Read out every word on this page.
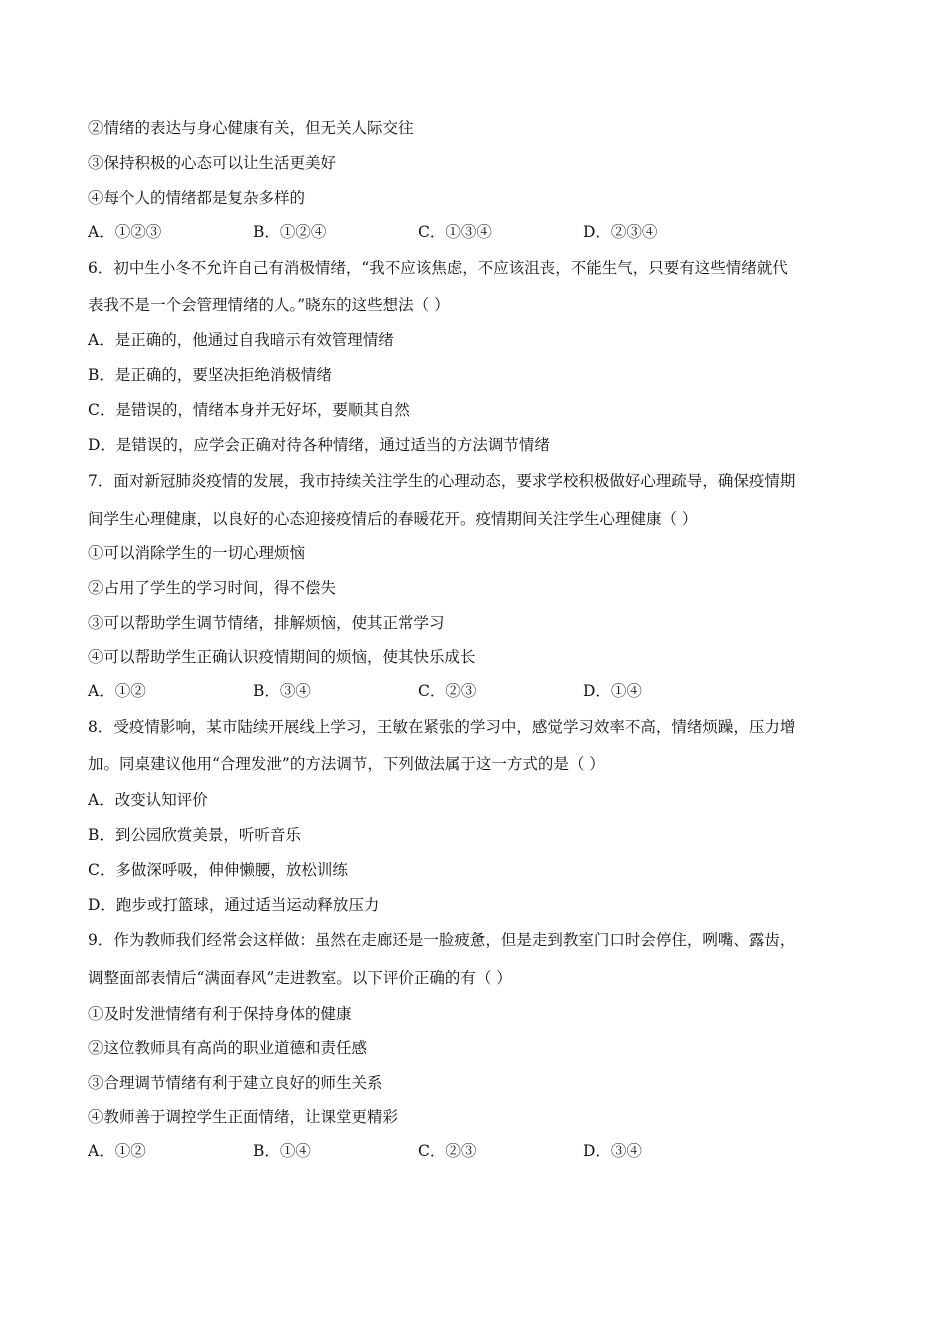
②情绪的表达与身心健康有关，但无关人际交往
③保持积极的心态可以让生活更美好
④每个人的情绪都是复杂多样的
A．①②③	B．①②④	C．①③④	D．②③④
6．初中生小冬不允许自己有消极情绪，“我不应该焦虑，不应该沮丧，不能生气，只要有这些情绪就代
表我不是一个会管理情绪的人。”晓东的这些想法（ ）
A．是正确的，他通过自我暗示有效管理情绪
B．是正确的，要坚决拒绝消极情绪
C．是错误的，情绪本身并无好坏，要顺其自然
D．是错误的，应学会正确对待各种情绪，通过适当的方法调节情绪
7．面对新冠肺炎疫情的发展，我市持续关注学生的心理动态，要求学校积极做好心理疏导，确保疫情期
间学生心理健康，以良好的心态迎接疫情后的春暖花开。疫情期间关注学生心理健康（ ）
①可以消除学生的一切心理烦恼
②占用了学生的学习时间，得不偿失
③可以帮助学生调节情绪，排解烦恼，使其正常学习
④可以帮助学生正确认识疫情期间的烦恼，使其快乐成长
A．①②	B．③④	C．②③	D．①④
8．受疫情影响，某市陆续开展线上学习，王敏在紧张的学习中，感觉学习效率不高，情绪烦躁，压力增
加。同桌建议他用“合理发泄”的方法调节，下列做法属于这一方式的是（ ）
A．改变认知评价
B．到公园欣赏美景，听听音乐
C．多做深呼吸，伸伸懒腰，放松训练
D．跑步或打篮球，通过适当运动释放压力
9．作为教师我们经常会这样做：虽然在走廊还是一脸疲惫，但是走到教室门口时会停住，咧嘴、露齿，
调整面部表情后“满面春风”走进教室。以下评价正确的有（ ）
①及时发泄情绪有利于保持身体的健康
②这位教师具有高尚的职业道德和责任感
③合理调节情绪有利于建立良好的师生关系
④教师善于调控学生正面情绪，让课堂更精彩
A．①②	B．①④	C．②③	D．③④
